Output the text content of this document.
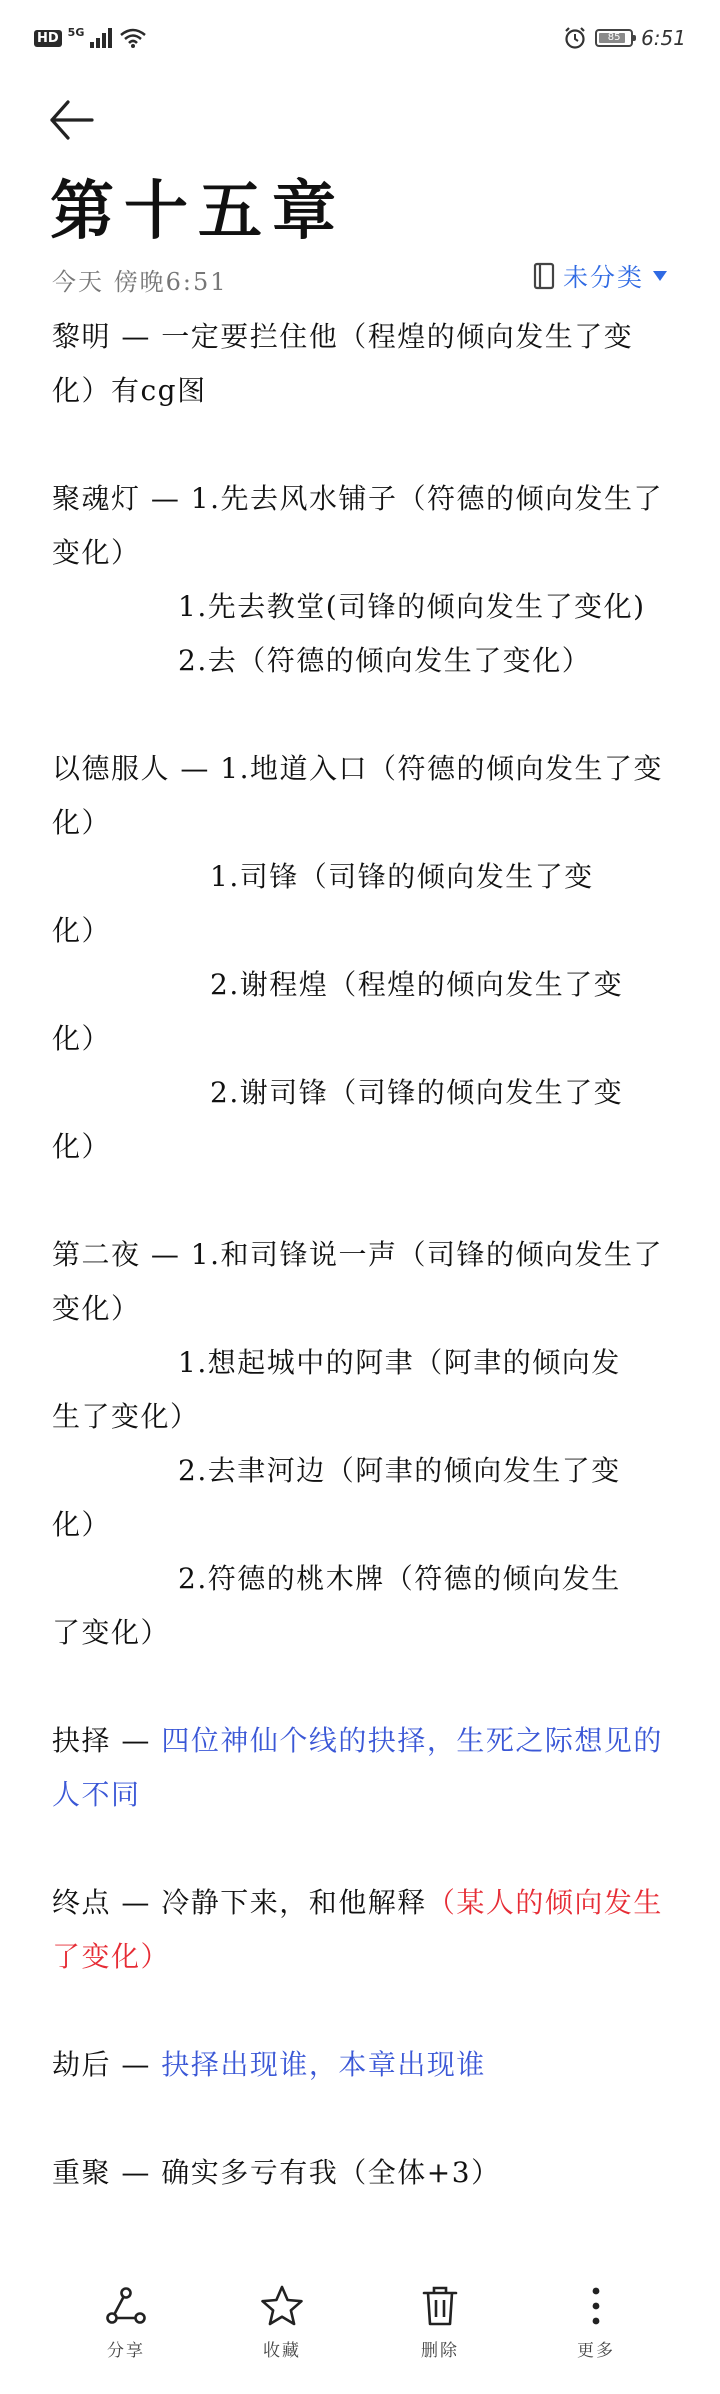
HD 5G	85	6:51
第十五章
今天 傍晚6:51	未分类

黎明 — 一定要拦住他（程煌的倾向发生了变化）有cg图

聚魂灯 — 1.先去风水铺子（符德的倾向发生了变化）

1.先去教堂(司锋的倾向发生了变化)

2.去（符德的倾向发生了变化）

以德服人 — 1.地道入口（符德的倾向发生了变化）

1.司锋（司锋的倾向发生了变

化）

2.谢程煌（程煌的倾向发生了变

化）

2.谢司锋（司锋的倾向发生了变

化）

第二夜 — 1.和司锋说一声（司锋的倾向发生了变化）

1.想起城中的阿聿（阿聿的倾向发

生了变化）

2.去聿河边（阿聿的倾向发生了变

化）

2.符德的桃木牌（符德的倾向发生

了变化）

抉择 — 四位神仙个线的抉择，生死之际想见的人不同

终点 — 冷静下来，和他解释（某人的倾向发生了变化）

劫后 — 抉择出现谁，本章出现谁

重聚 — 确实多亏有我（全体+3）

分享	收藏	删除	更多
